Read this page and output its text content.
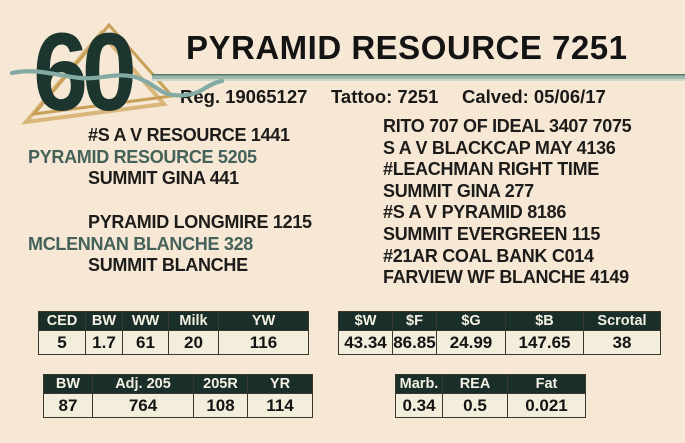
60 PYRAMID RESOURCE 7251
Reg. 19065127 Tattoo: 7251 Calved: 05/06/17
#S A V RESOURCE 1441
PYRAMID RESOURCE 5205
SUMMIT GINA 441
PYRAMID LONGMIRE 1215
MCLENNAN BLANCHE 328
SUMMIT BLANCHE
RITO 707 OF IDEAL 3407 7075
S A V BLACKCAP MAY 4136
#LEACHMAN RIGHT TIME
SUMMIT GINA 277
#S A V PYRAMID 8186
SUMMIT EVERGREEN 115
#21AR COAL BANK C014
FARVIEW WF BLANCHE 4149
CED	BW	WW	Milk	YW
5	1.7	61	20	116
$W	$F	$G	$B	Scrotal
43.34	86.85	24.99	147.65	38
BW	Adj. 205	205R	YR
87	764	108	114
Marb.	REA	Fat
0.34	0.5	0.021
